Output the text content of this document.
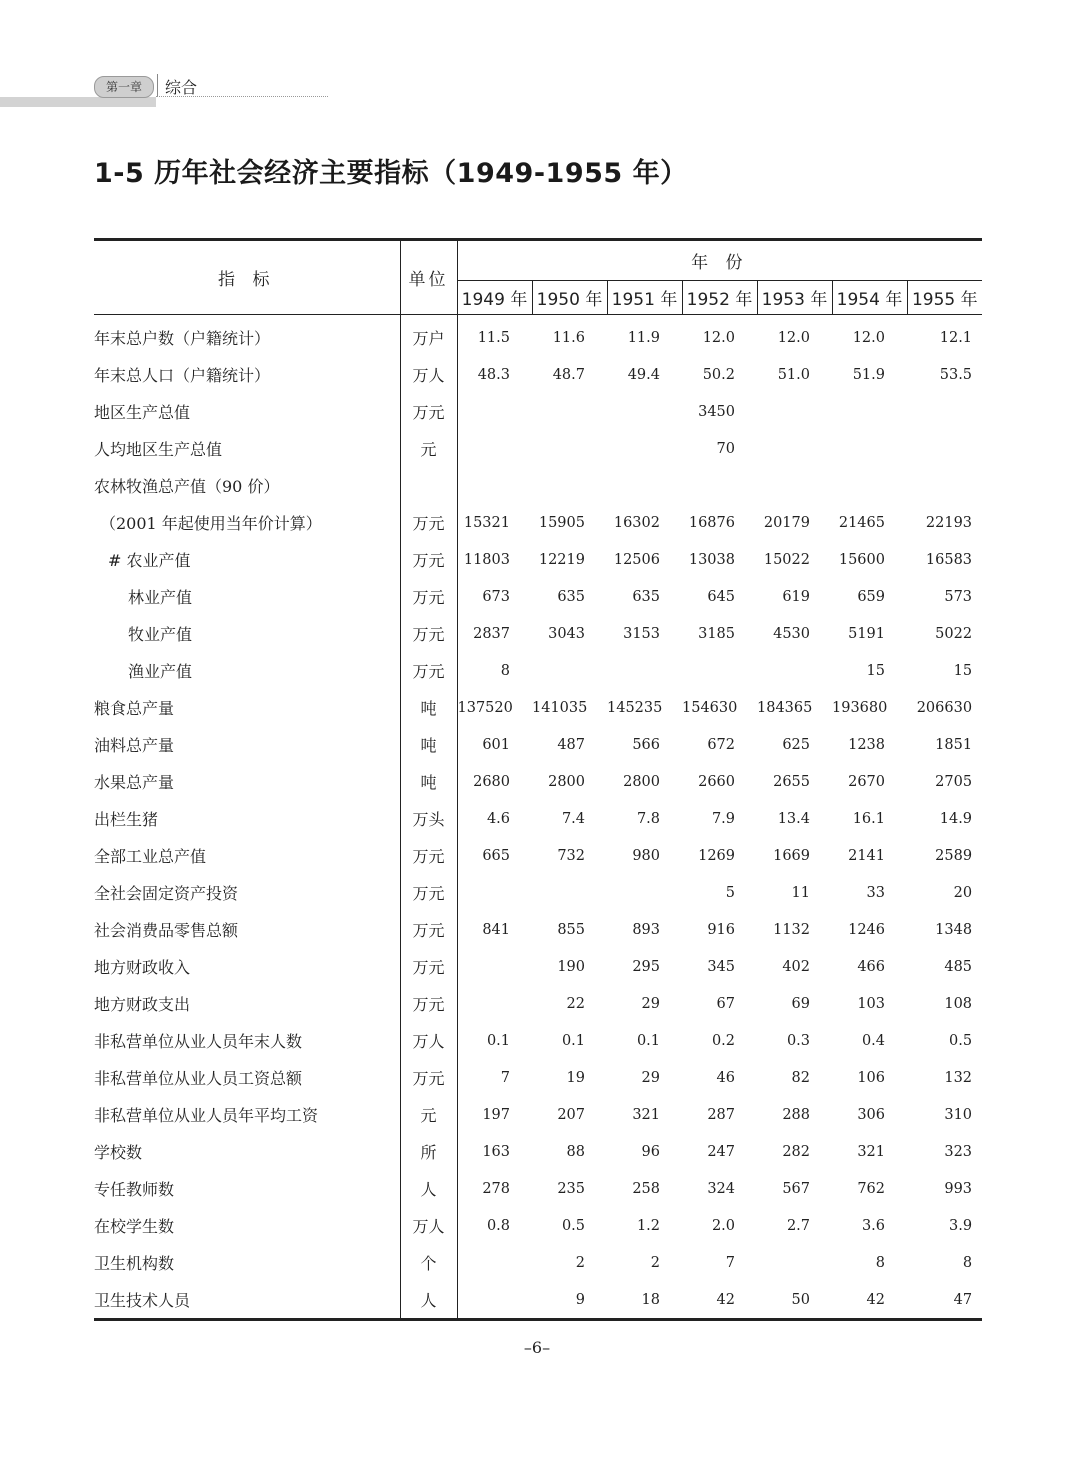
第一章	综合
1-5 历年社会经济主要指标（1949-1955 年）
指 标	单位	年 份						
		1949 年	1950 年	1951 年	1952 年	1953 年	1954 年	1955 年
年末总户数（户籍统计）	万户	11.5	11.6	11.9	12.0	12.0	12.0	12.1
年末总人口（户籍统计）	万人	48.3	48.7	49.4	50.2	51.0	51.9	53.5
地区生产总值	万元				3450			
人均地区生产总值	元				70			
农林牧渔总产值（90 价）								
（2001 年起使用当年价计算）	万元	15321	15905	16302	16876	20179	21465	22193
# 农业产值	万元	11803	12219	12506	13038	15022	15600	16583
林业产值	万元	673	635	635	645	619	659	573
牧业产值	万元	2837	3043	3153	3185	4530	5191	5022
渔业产值	万元	8					15	15
粮食总产量	吨	137520	141035	145235	154630	184365	193680	206630
油料总产量	吨	601	487	566	672	625	1238	1851
水果总产量	吨	2680	2800	2800	2660	2655	2670	2705
出栏生猪	万头	4.6	7.4	7.8	7.9	13.4	16.1	14.9
全部工业总产值	万元	665	732	980	1269	1669	2141	2589
全社会固定资产投资	万元				5	11	33	20
社会消费品零售总额	万元	841	855	893	916	1132	1246	1348
地方财政收入	万元		190	295	345	402	466	485
地方财政支出	万元		22	29	67	69	103	108
非私营单位从业人员年末人数	万人	0.1	0.1	0.1	0.2	0.3	0.4	0.5
非私营单位从业人员工资总额	万元	7	19	29	46	82	106	132
非私营单位从业人员年平均工资	元	197	207	321	287	288	306	310
学校数	所	163	88	96	247	282	321	323
专任教师数	人	278	235	258	324	567	762	993
在校学生数	万人	0.8	0.5	1.2	2.0	2.7	3.6	3.9
卫生机构数	个		2	2	7		8	8
卫生技术人员	人		9	18	42	50	42	47
–6–
